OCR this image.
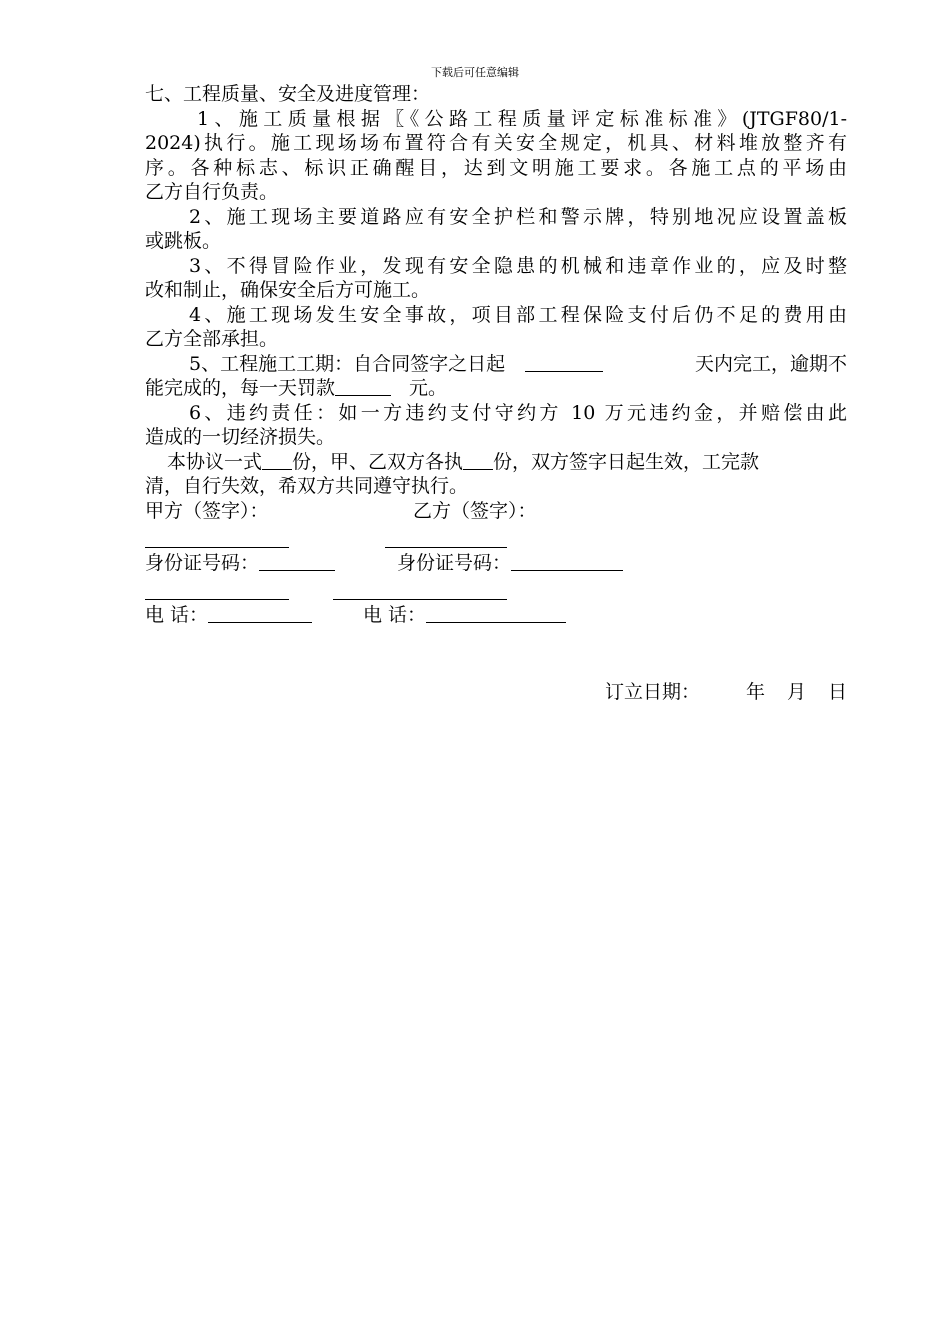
下载后可任意编辑
七、工程质量、安全及进度管理：
1、施工质量根据〖《公路工程质量评定标准标准》(JTGF80/1-
2024)执行。施工现场场布置符合有关安全规定，机具、材料堆放整齐有
序。各种标志、标识正确醒目，达到文明施工要求。各施工点的平场由
乙方自行负责。
2、施工现场主要道路应有安全护栏和警示牌，特别地况应设置盖板
或跳板。
3、不得冒险作业，发现有安全隐患的机械和违章作业的，应及时整
改和制止，确保安全后方可施工。
4、施工现场发生安全事故，项目部工程保险支付后仍不足的费用由
乙方全部承担。
5、工程施工工期：自合同签字之日起	天内完工，逾期不
能完成的，每一天罚款	元。
6、违约责任：如一方违约支付守约方 10 万元违约金，并赔偿由此
造成的一切经济损失。
本协议一式 份，甲、乙双方各执 份，双方签字日起生效，工完款
清，自行失效，希双方共同遵守执行。
甲方（签字）：	乙方（签字）：
身份证号码：	身份证号码：
电 话：	电 话：
订立日期： 年 月 日
